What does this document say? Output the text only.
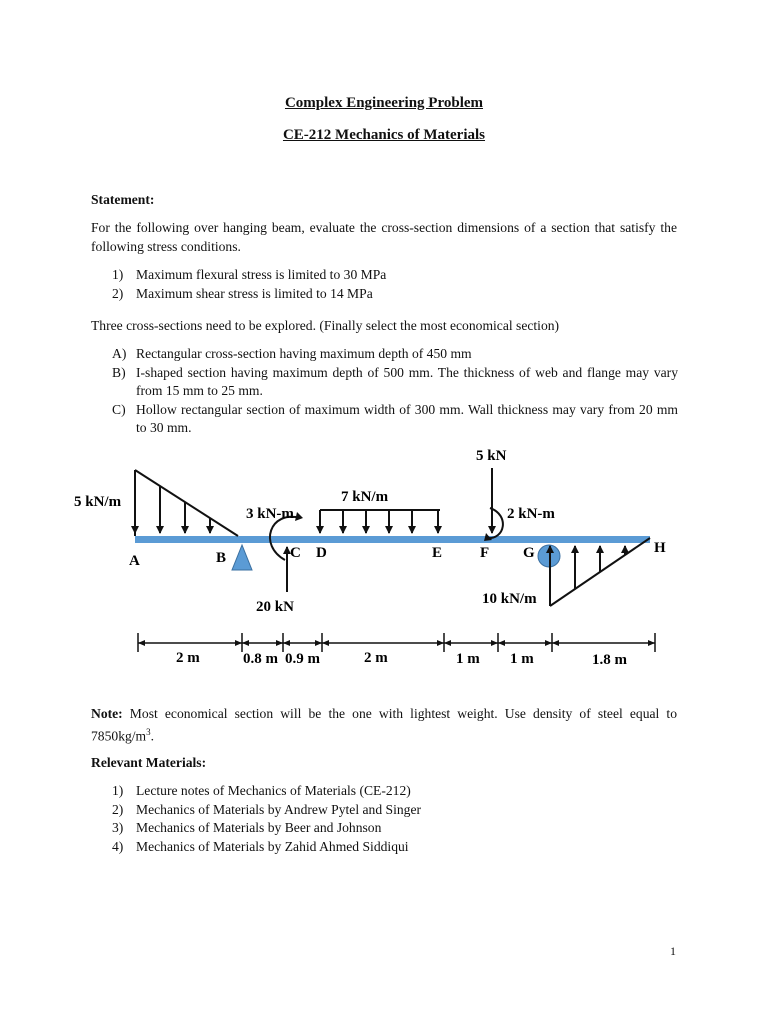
Complex Engineering Problem
CE-212 Mechanics of Materials
Statement:
For the following over hanging beam, evaluate the cross-section dimensions of a section that satisfy the following stress conditions.
1) Maximum flexural stress is limited to 30 MPa
2) Maximum shear stress is limited to 14 MPa
Three cross-sections need to be explored. (Finally select the most economical section)
A) Rectangular cross-section having maximum depth of 450 mm
B) I-shaped section having maximum depth of 500 mm. The thickness of web and flange may vary from 15 mm to 25 mm.
C) Hollow rectangular section of maximum width of 300 mm. Wall thickness may vary from 20 mm to 30 mm.
5 kN/m
3 kN-m
20 kN
7 kN/m
5 kN
2 kN-m
10 kN/m
A	B	C D	E	F G	H
2 m	0.8 m 0.9 m	2 m	1 m 1 m	1.8 m
Note: Most economical section will be the one with lightest weight. Use density of steel equal to $7850kg/m^3$.
Relevant Materials:
1) Lecture notes of Mechanics of Materials (CE-212)
2) Mechanics of Materials by Andrew Pytel and Singer
3) Mechanics of Materials by Beer and Johnson
4) Mechanics of Materials by Zahid Ahmed Siddiqui
1
